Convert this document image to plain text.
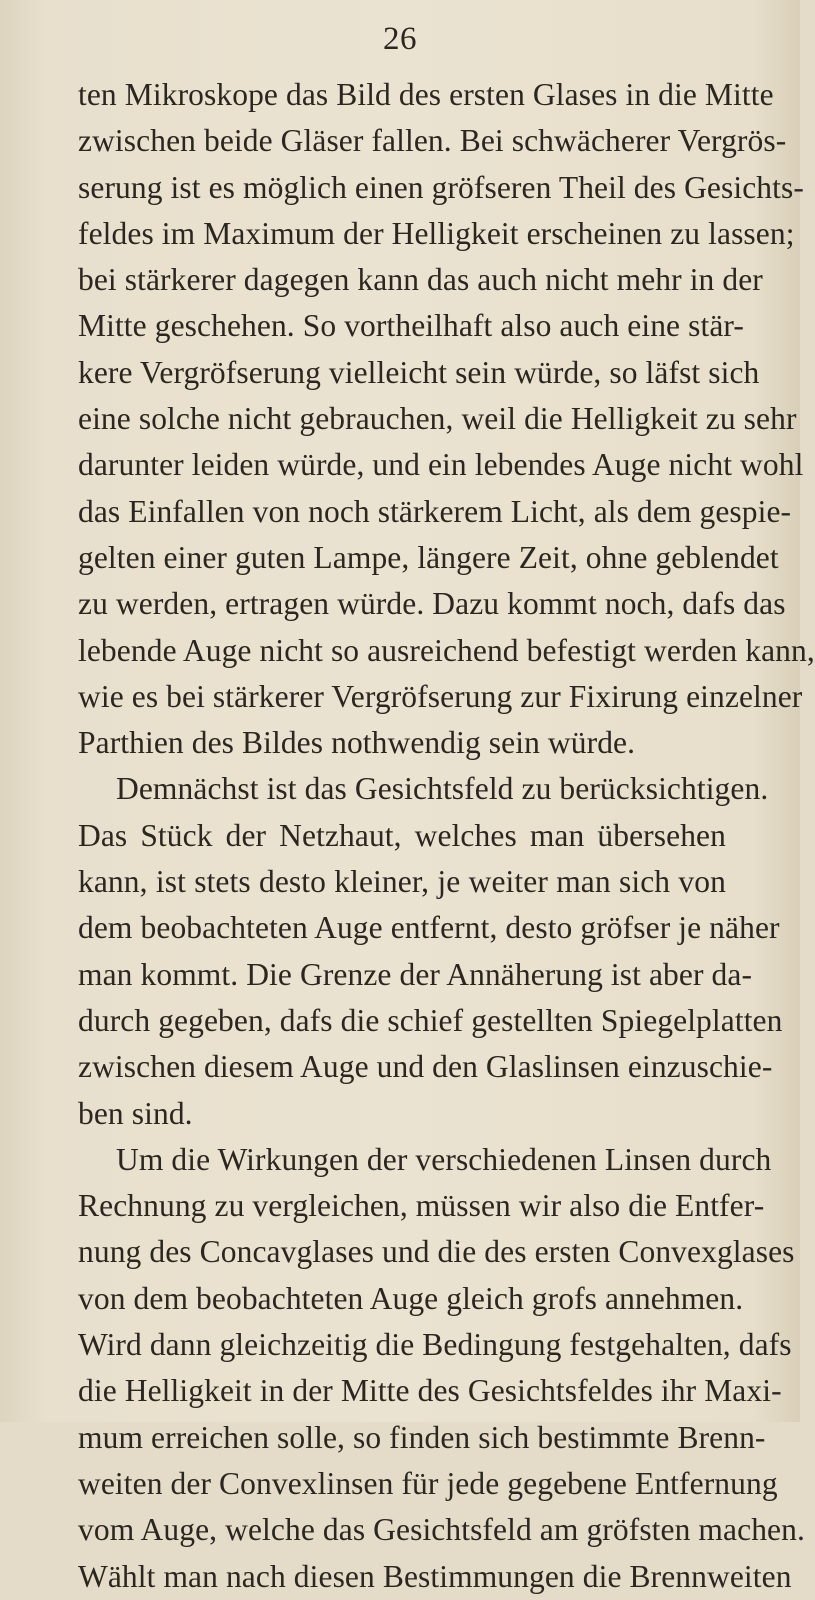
26
ten Mikroskope das Bild des ersten Glases in die Mitte
zwischen beide Gläser fallen. Bei schwächerer Vergrös-
serung ist es möglich einen gröfseren Theil des Gesichts-
feldes im Maximum der Helligkeit erscheinen zu lassen;
bei stärkerer dagegen kann das auch nicht mehr in der
Mitte geschehen. So vortheilhaft also auch eine stär-
kere Vergröfserung vielleicht sein würde, so läfst sich
eine solche nicht gebrauchen, weil die Helligkeit zu sehr
darunter leiden würde, und ein lebendes Auge nicht wohl
das Einfallen von noch stärkerem Licht, als dem gespie-
gelten einer guten Lampe, längere Zeit, ohne geblendet
zu werden, ertragen würde. Dazu kommt noch, dafs das
lebende Auge nicht so ausreichend befestigt werden kann,
wie es bei stärkerer Vergröfserung zur Fixirung einzelner
Parthien des Bildes nothwendig sein würde.
Demnächst ist das Gesichtsfeld zu berücksichtigen.
Das Stück der Netzhaut, welches man übersehen
kann, ist stets desto kleiner, je weiter man sich von
dem beobachteten Auge entfernt, desto gröfser je näher
man kommt. Die Grenze der Annäherung ist aber da-
durch gegeben, dafs die schief gestellten Spiegelplatten
zwischen diesem Auge und den Glaslinsen einzuschie-
ben sind.
Um die Wirkungen der verschiedenen Linsen durch
Rechnung zu vergleichen, müssen wir also die Entfer-
nung des Concavglases und die des ersten Convexglases
von dem beobachteten Auge gleich grofs annehmen.
Wird dann gleichzeitig die Bedingung festgehalten, dafs
die Helligkeit in der Mitte des Gesichtsfeldes ihr Maxi-
mum erreichen solle, so finden sich bestimmte Brenn-
weiten der Convexlinsen für jede gegebene Entfernung
vom Auge, welche das Gesichtsfeld am gröfsten machen.
Wählt man nach diesen Bestimmungen die Brennweiten
